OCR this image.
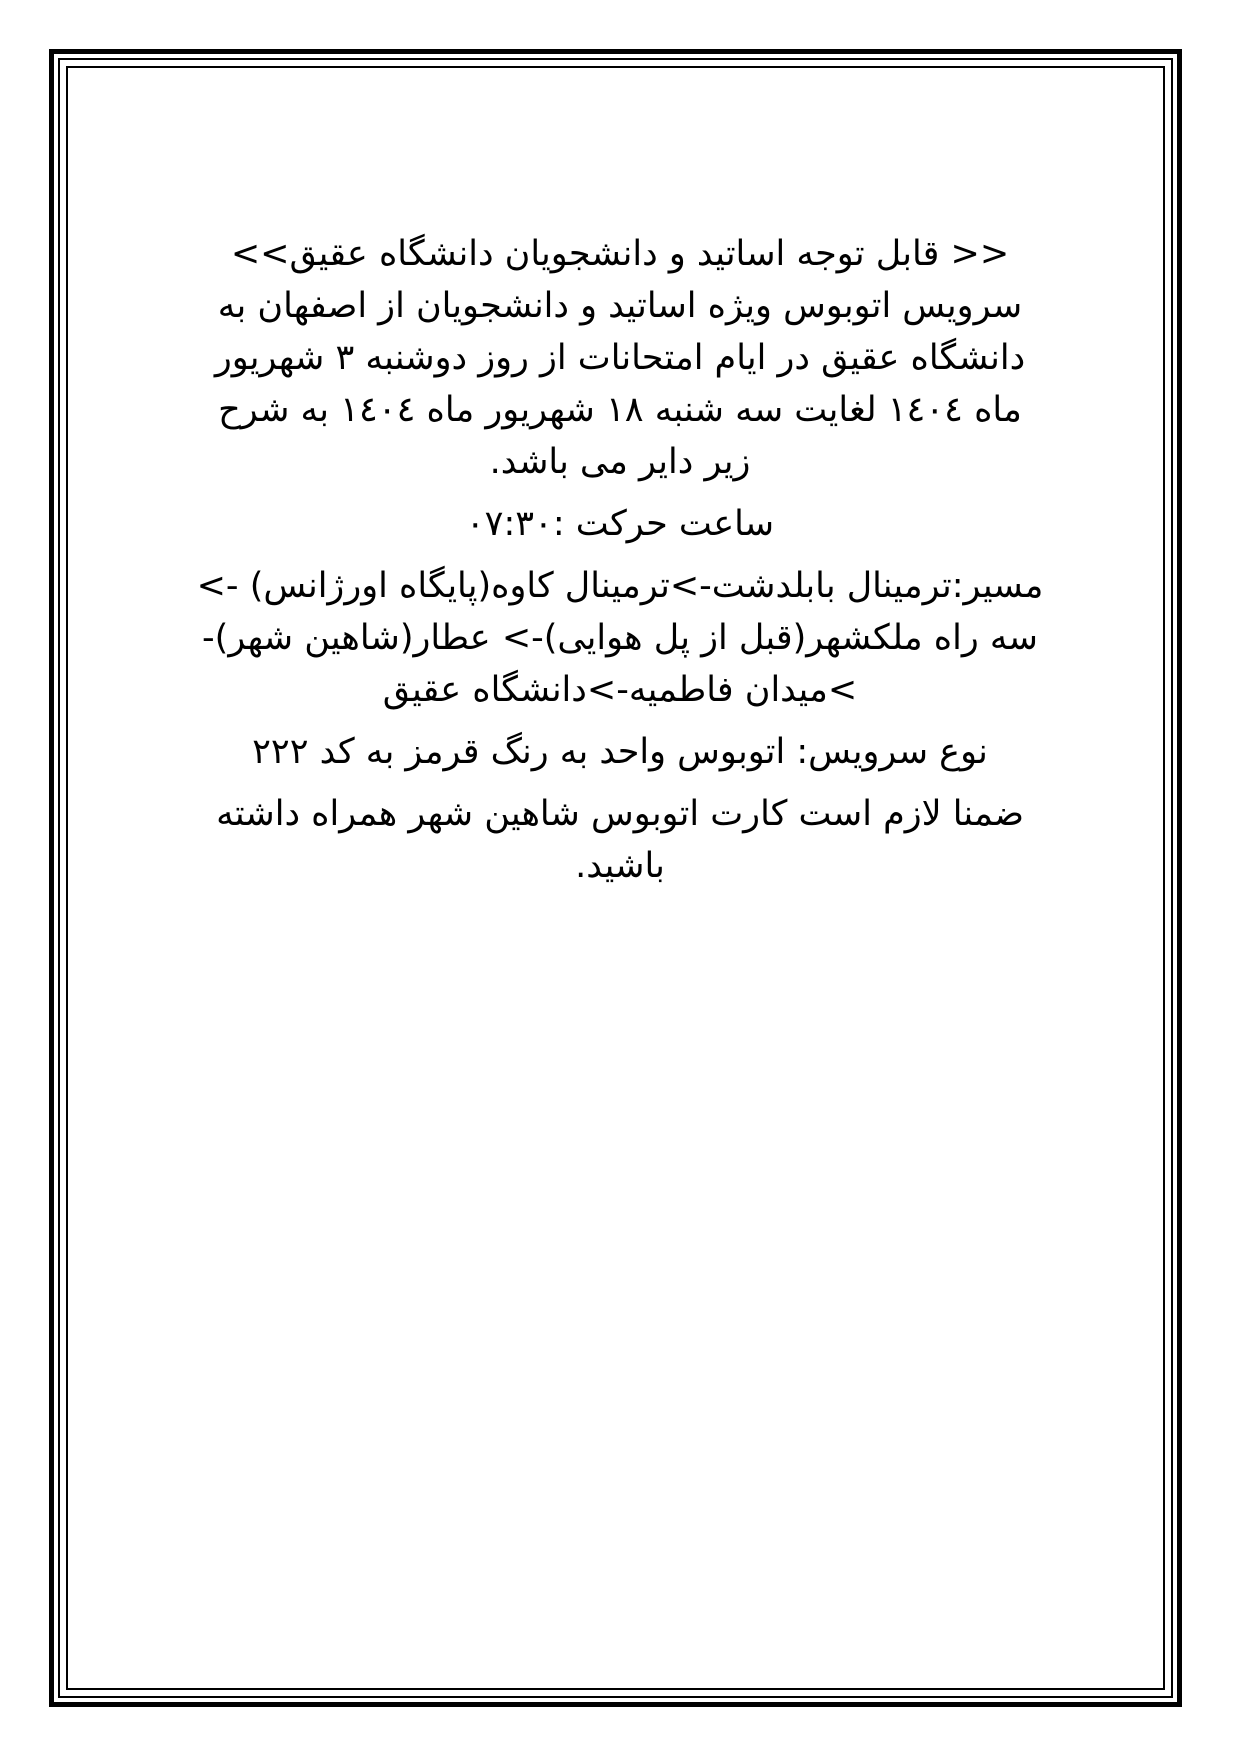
<< قابل توجه اساتید و دانشجویان دانشگاه عقیق>>

سرویس اتوبوس ویژه اساتید و دانشجویان از اصفهان به
دانشگاه عقیق در ایام امتحانات از روز دوشنبه ۳ شهریور
ماه ١٤٠٤ لغایت سه شنبه ١٨ شهریور ماه ١٤٠٤ به شرح
زیر دایر می باشد.

ساعت حرکت :٠٧:٣٠

مسیر:ترمینال بابلدشت->ترمینال کاوه(پایگاه اورژانس) ->
سه راه ملکشهر(قبل از پل هوایی)-> عطار(شاهین شهر)-
>میدان فاطمیه->دانشگاه عقیق

نوع سرویس: اتوبوس واحد به رنگ قرمز به کد ٢٢٢

ضمنا لازم است کارت اتوبوس شاهین شهر همراه داشته
باشید.
